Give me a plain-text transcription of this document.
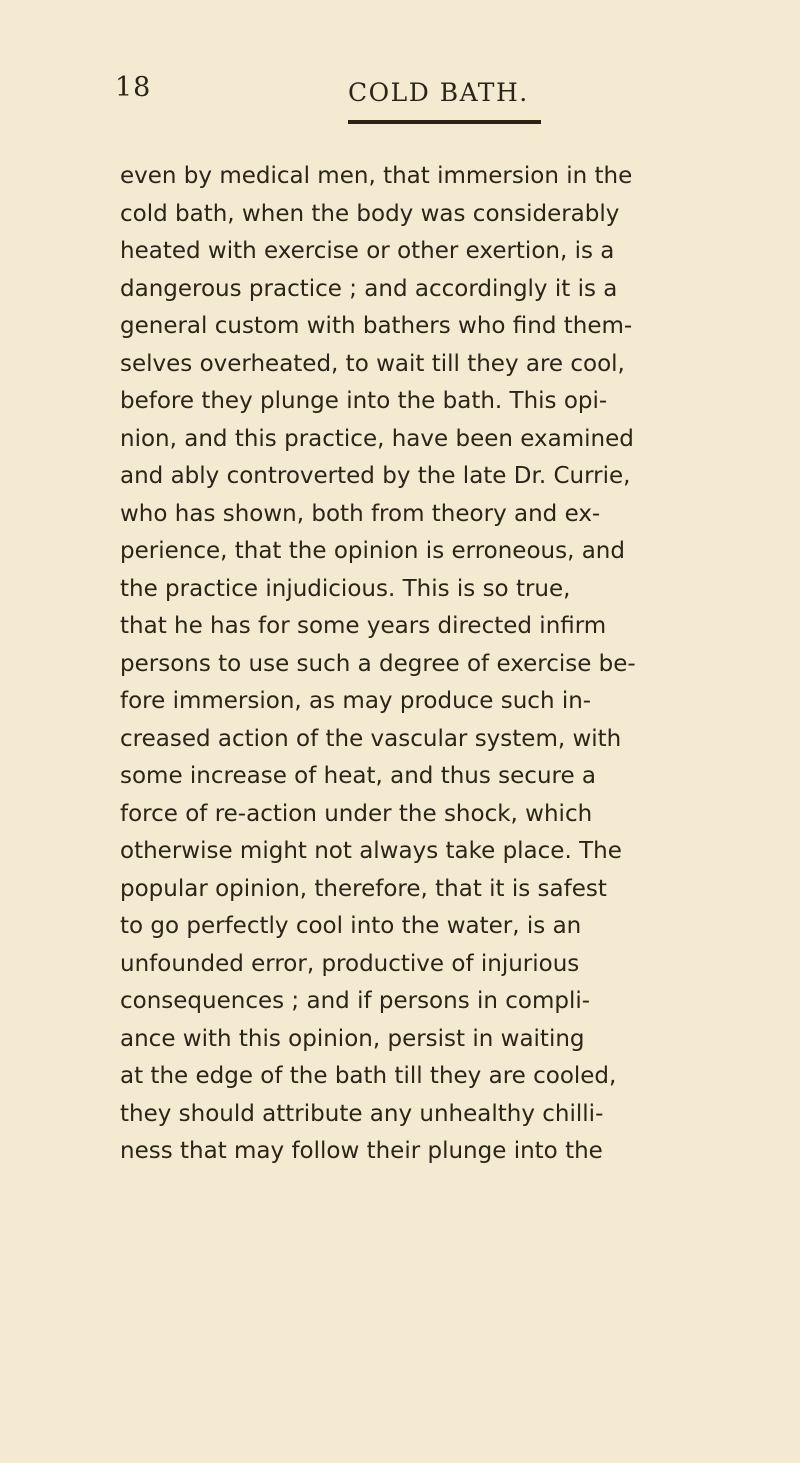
18	COLD BATH.
even by medical men, that immersion in the
cold bath, when the body was considerably
heated with exercise or other exertion, is a
dangerous practice ; and accordingly it is a
general custom with bathers who find them-
selves overheated, to wait till they are cool,
before they plunge into the bath. This opi-
nion, and this practice, have been examined
and ably controverted by the late Dr. Currie,
who has shown, both from theory and ex-
perience, that the opinion is erroneous, and
the practice injudicious. This is so true,
that he has for some years directed infirm
persons to use such a degree of exercise be-
fore immersion, as may produce such in-
creased action of the vascular system, with
some increase of heat, and thus secure a
force of re-action under the shock, which
otherwise might not always take place. The
popular opinion, therefore, that it is safest
to go perfectly cool into the water, is an
unfounded error, productive of injurious
consequences ; and if persons in compli-
ance with this opinion, persist in waiting
at the edge of the bath till they are cooled,
they should attribute any unhealthy chilli-
ness that may follow their plunge into the
